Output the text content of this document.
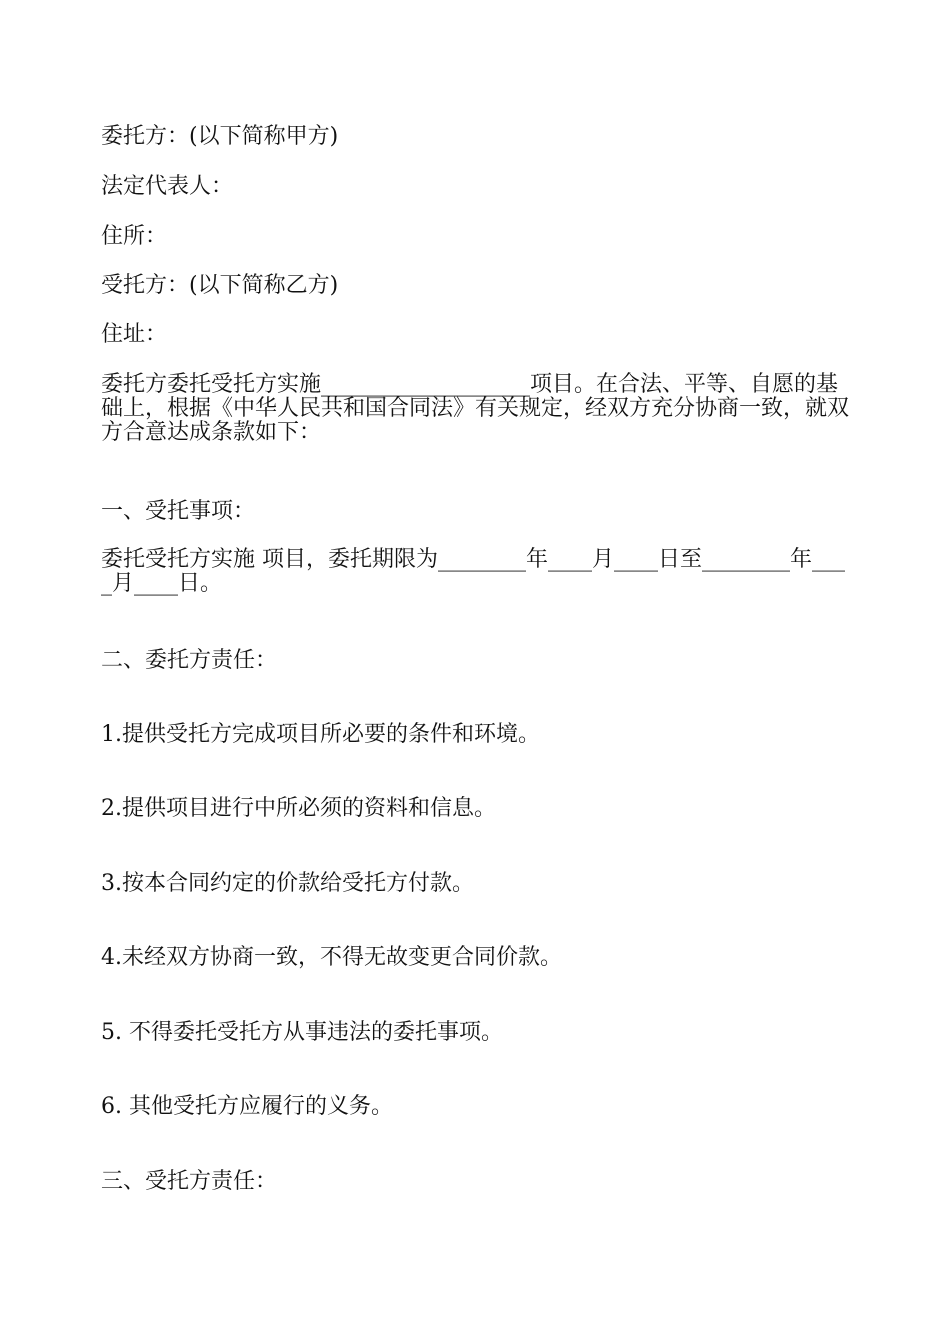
委托方：(以下简称甲方)
法定代表人：
住所：
受托方：(以下简称乙方)
住址：
委托方委托受托方实施___________________项目。在合法、平等、自愿的基础上，根据《中华人民共和国合同法》有关规定，经双方充分协商一致，就双方合意达成条款如下：
一、受托事项：
委托受托方实施 项目，委托期限为________年____月____日至________年____月____日。
二、委托方责任：
1.提供受托方完成项目所必要的条件和环境。
2.提供项目进行中所必须的资料和信息。
3.按本合同约定的价款给受托方付款。
4.未经双方协商一致，不得无故变更合同价款。
5. 不得委托受托方从事违法的委托事项。
6. 其他受托方应履行的义务。
三、受托方责任：
